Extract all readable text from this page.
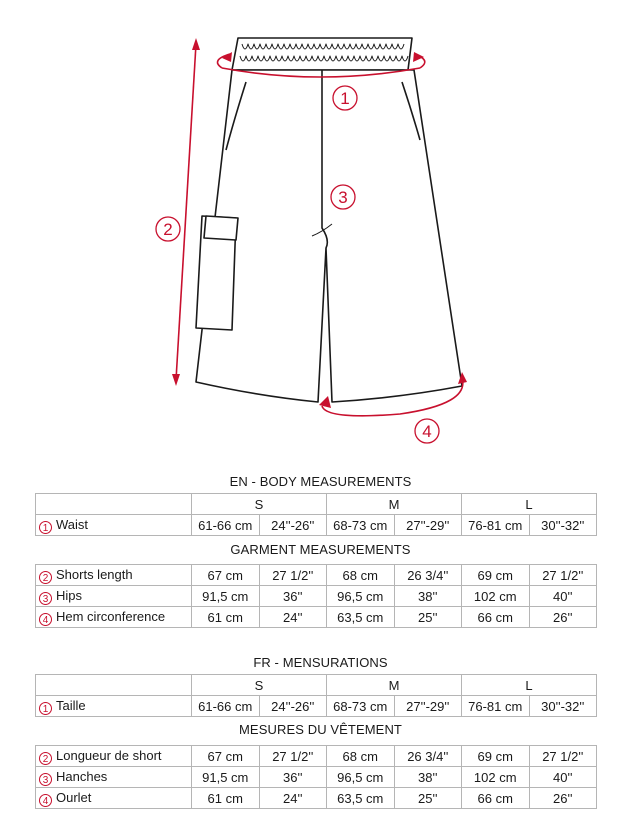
1
2
3
4
EN - BODY MEASUREMENTS
	S		M		L	
1 Waist	61-66 cm	24''-26''	68-73 cm	27''-29''	76-81 cm	30''-32''
GARMENT MEASUREMENTS
2 Shorts length	67 cm	27 1/2''	68 cm	26 3/4''	69 cm	27 1/2''
3 Hips	91,5 cm	36''	96,5 cm	38''	102 cm	40''
4 Hem circonference	61 cm	24''	63,5 cm	25''	66 cm	26''
FR - MENSURATIONS
	S		M		L	
1 Taille	61-66 cm	24''-26''	68-73 cm	27''-29''	76-81 cm	30''-32''
MESURES DU VÊTEMENT
2 Longueur de short	67 cm	27 1/2''	68 cm	26 3/4''	69 cm	27 1/2''
3 Hanches	91,5 cm	36''	96,5 cm	38''	102 cm	40''
4 Ourlet	61 cm	24''	63,5 cm	25''	66 cm	26''
